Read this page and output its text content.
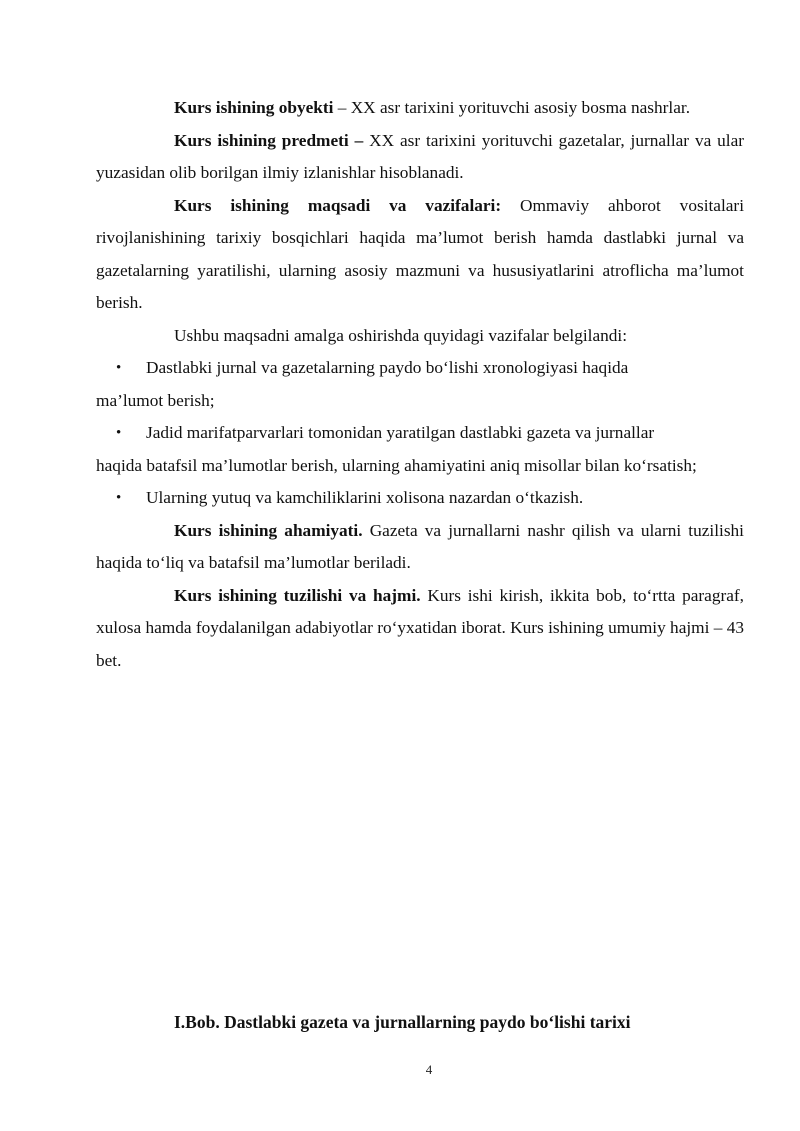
Kurs ishining obyekti – XX asr tarixini yorituvchi asosiy bosma nashrlar.

Kurs ishining predmeti – XX asr tarixini yorituvchi gazetalar, jurnallar va ular yuzasidan olib borilgan ilmiy izlanishlar hisoblanadi.

Kurs ishining maqsadi va vazifalari: Ommaviy ahborot vositalari rivojlanishining tarixiy bosqichlari haqida ma’lumot berish hamda dastlabki jurnal va gazetalarning yaratilishi, ularning asosiy mazmuni va hususiyatlarini atroflicha ma’lumot berish.

Ushbu maqsadni amalga oshirishda quyidagi vazifalar belgilandi:

• Dastlabki jurnal va gazetalarning paydo bo‘lishi xronologiyasi haqida
ma’lumot berish;
• Jadid marifatparvarlari tomonidan yaratilgan dastlabki gazeta va jurnallar
haqida batafsil ma’lumotlar berish, ularning ahamiyatini aniq misollar bilan ko‘rsatish;
• Ularning yutuq va kamchiliklarini xolisona nazardan o‘tkazish.

Kurs ishining ahamiyati. Gazeta va jurnallarni nashr qilish va ularni tuzilishi haqida to‘liq va batafsil ma’lumotlar beriladi.

Kurs ishining tuzilishi va hajmi. Kurs ishi kirish, ikkita bob, to‘rtta paragraf, xulosa hamda foydalanilgan adabiyotlar ro‘yxatidan iborat. Kurs ishining umumiy hajmi – 43 bet.

I.Bob. Dastlabki gazeta va jurnallarning paydo bo‘lishi tarixi
4
